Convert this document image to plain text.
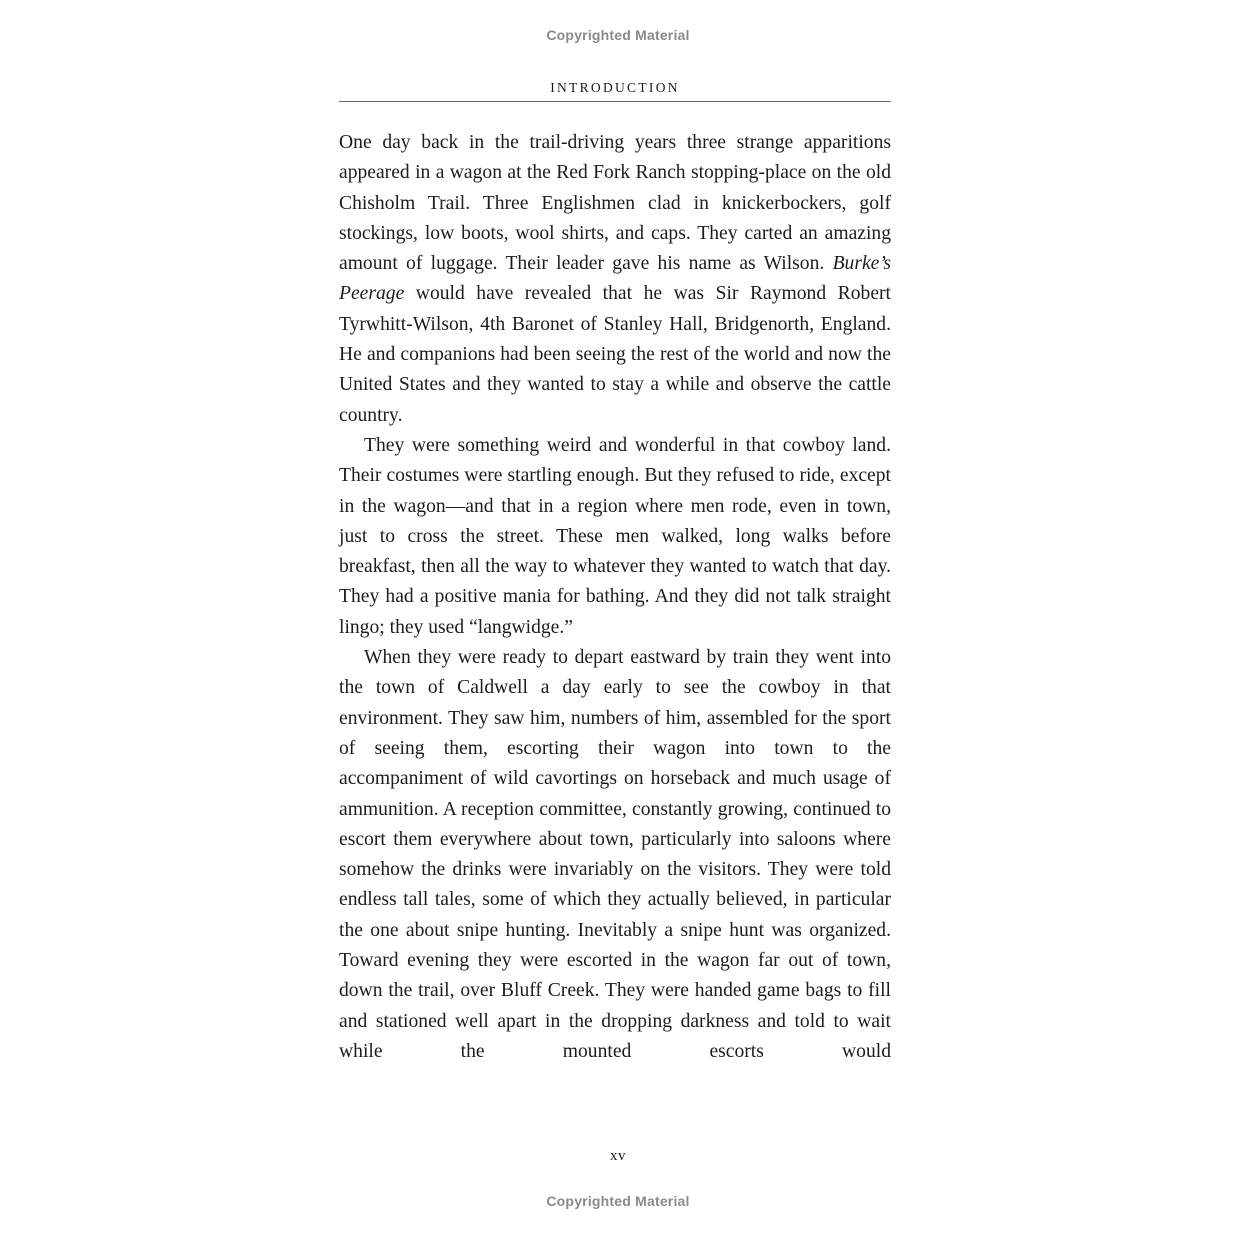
Copyrighted Material
INTRODUCTION

One day back in the trail-driving years three strange apparitions appeared in a wagon at the Red Fork Ranch stopping-place on the old Chisholm Trail. Three Englishmen clad in knickerbockers, golf stockings, low boots, wool shirts, and caps. They carted an amazing amount of luggage. Their leader gave his name as Wilson. Burke’s Peerage would have revealed that he was Sir Raymond Robert Tyrwhitt-Wilson, 4th Baronet of Stanley Hall, Bridgenorth, England. He and companions had been seeing the rest of the world and now the United States and they wanted to stay a while and observe the cattle country.

They were something weird and wonderful in that cowboy land. Their costumes were startling enough. But they refused to ride, except in the wagon—and that in a region where men rode, even in town, just to cross the street. These men walked, long walks before breakfast, then all the way to whatever they wanted to watch that day. They had a positive mania for bathing. And they did not talk straight lingo; they used “langwidge.”

When they were ready to depart eastward by train they went into the town of Caldwell a day early to see the cowboy in that environment. They saw him, numbers of him, assembled for the sport of seeing them, escorting their wagon into town to the accompaniment of wild cavortings on horseback and much usage of ammunition. A reception committee, constantly growing, continued to escort them everywhere about town, particularly into saloons where somehow the drinks were invariably on the visitors. They were told endless tall tales, some of which they actually believed, in particular the one about snipe hunting. Inevitably a snipe hunt was organized. Toward evening they were escorted in the wagon far out of town, down the trail, over Bluff Creek. They were handed game bags to fill and stationed well apart in the dropping darkness and told to wait while the mounted escorts would

xv
Copyrighted Material
